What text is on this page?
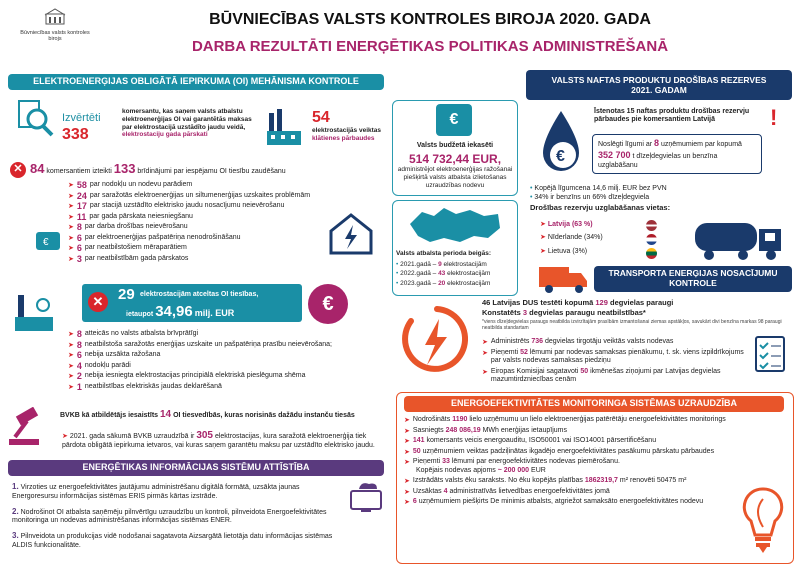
Būvniecības valsts kontroles birojs
BŪVNIECĪBAS VALSTS KONTROLES BIROJA 2020. GADA
DARBA REZULTĀTI ENERĢĒTIKAS POLITIKAS ADMINISTRĒŠANĀ
ELEKTROENERĢIJAS OBLIGĀTĀ IEPIRKUMA (OI) MEHĀNISMA KONTROLE
Izvērtēti
338
komersantu, kas saņem valsts atbalstu elektroenerģijas OI vai garantētās maksas par elektrostacijā uzstādīto jaudu veidā, elektrostaciju gada pārskati
54
elektrostacijās veiktas klātienes pārbaudes
✕ 84 komersantiem izteikti 133 brīdinājumi par iespējamu OI tiesību zaudēšanu
➤ 58 par nodokļu un nodevu parādiem
➤ 24 par saražotās elektroenerģijas un siltumenerģijas uzskaites problēmām
➤ 17 par stacijā uzstādīto elektrisko jaudu nosacījumu neievērošanu
➤ 11 par gada pārskata neiesniegšanu
➤ 8 par darba drošības neievērošanu
➤ 6 par elektroenerģijas pašpatēriņa nenodrošināšanu
➤ 6 par neatbilstošiem mēraparātiem
➤ 3 par neatbilstībām gada pārskatos
€
✕ 29 elektrostacijām atceltas OI tiesības,
ietaupot 34,96 milj. EUR	€
➤ 8 atteicās no valsts atbalsta brīvprātīgi
➤ 8 neatbilstoša saražotās enerģijas uzskaite un pašpatēriņa prasību neievērošana;
➤ 6 nebija uzsākta ražošana
➤ 4 nodokļu parādi
➤ 2 nebija iesniegta elektrostacijas principiālā elektriskā pieslēguma shēma
➤ 1 neatbilstības elektriskās jaudas deklarēšanā
BVKB kā atbildētājs iesaistīts 14 OI tiesvedībās, kuras norisinās dažādu instanču tiesās
➤ 2021. gada sākumā BVKB uzraudzībā ir 305 elektrostacijas, kura saražotā elektroenerģija tiek pārdota obligātā iepirkuma ietvaros, vai kuras saņem garantētu maksu par uzstādīto elektrisko jaudu.
ENERĢĒTIKAS INFORMĀCIJAS SISTĒMU ATTĪSTĪBA
1. Virzoties uz energoefektivitātes jautājumu administrēšanu digitālā formātā, uzsākta jaunas Energoresursu informācijas sistēmas ERIS pirmās kārtas izstrāde.
2. Nodrošinot OI atbalsta saņēmēju pilnvērtīgu uzraudzību un kontroli, pilnveidota Energoefektivitātes monitoringa un nodevas administrēšanas informācijas sistēmas ENER.
3. Pilnveidota un produkcijas vidē nodošanai sagatavota Aizsargātā lietotāja datu informācijas sistēmas ALDIS funkcionalitāte.
€
Valsts budžetā iekasēti
514 732,44 EUR,
administrējot elektroenerģijas ražošanai piešķirtā valsts atbalsta izlietošanas uzraudzības nodevu
Valsts atbalsta perioda beigās:
• 2021.gadā – 9 elektrostacijām
• 2022.gadā – 43 elektrostacijām
• 2023.gadā – 20 elektrostacijām
VALSTS NAFTAS PRODUKTU DROŠĪBAS REZERVES 2021. GADAM
€
Īstenotas 15 naftas produktu drošības rezervju pārbaudes pie komersantiem Latvijā	!
Noslēgti līgumi ar 8 uzņēmumiem par kopumā 352 700 t dīzeļdegvielas un benzīna uzglabāšanu
• Kopējā līgumcena 14,6 milj. EUR bez PVN
• 34% ir benzīns un 66% dīzeļdegviela
Drošības rezervju uzglabāšanas vietas:
➤ Latvija (63 %)
➤ Nīderlande (34%)
➤ Lietuva (3%)
TRANSPORTA ENERĢIJAS NOSACĪJUMU KONTROLE
46 Latvijas DUS testēti kopumā 129 degvielas paraugi
Konstatēts 3 degvielas paraugu neatbilstības*
*viens dīzeļdegvielas paraugs neatbilda izvirzītajām prasībām izmantošanai ziemas apstākļos, savukārt divi benzīna markas 98 paraugi neatbilda standartam
➤ Administrēts 736 degvielas tirgotāju veiktās valsts nodevas
➤ Pieņemti 52 lēmumi par nodevas samaksas pienākumu, t. sk. viens izpildrīkojums par valsts nodevas samaksas piedziņu
➤ Eiropas Komisijai sagatavoti 50 ikmēnešas ziņojumi par Latvijas degvielas mazumtirdzniecības cenām
ENERGOEFEKTIVITĀTES MONITORINGA SISTĒMAS UZRAUDZĪBA
➤ Nodrošināts 1190 lielo uzņēmumu un lielo elektroenerģijas patērētāju energoefektivitātes monitorings
➤ Sasniegts 248 086,19 MWh enerģijas ietaupījums
➤ 141 komersants veicis energoauditu, ISO50001 vai ISO14001 pārsertificēšanu
➤ 50 uzņēmumiem veiktas padziļinātas ikgadējo energoefektivitātes pasākumu pārskatu pārbaudes
➤ Pieņemti 33 lēmumi par energoefektivitātes nodevas piemērošanu.
Kopējais nodevas apjoms ~ 200 000 EUR
➤ Izstrādāts valsts ēku saraksts. No ēku kopējās platības 1862319,7 m² renovēti 50475 m²
➤ Uzsāktas 4 administratīvās lietvedības energoefektivitātes jomā
➤ 6 uzņēmumiem piešķirts De minimis atbalsts, atgriežot samaksāto energoefektivitātes nodevu
